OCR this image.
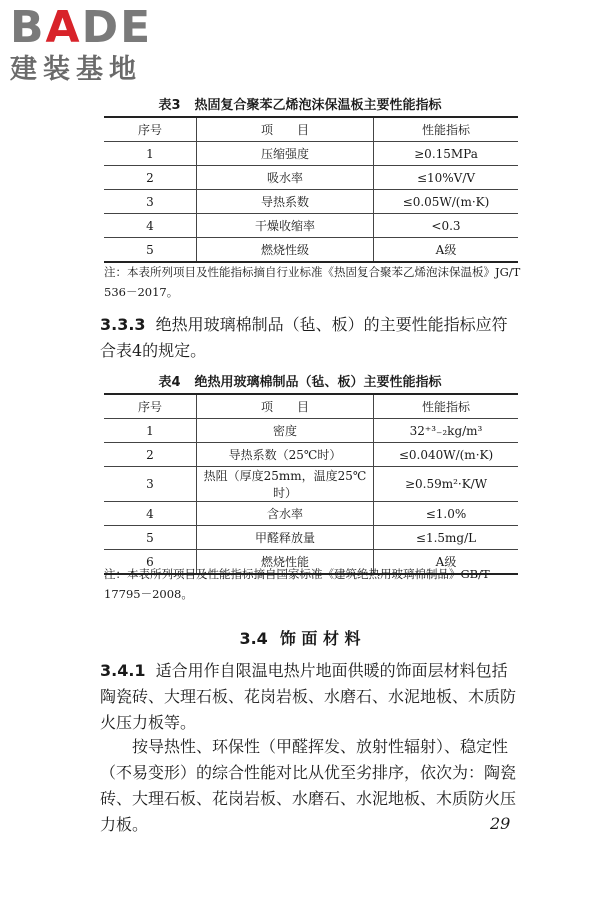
BADE
建装基地
表3 热固复合聚苯乙烯泡沫保温板主要性能指标
序号	项　　目	性能指标
1	压缩强度	≥0.15MPa
2	吸水率	≤10%V/V
3	导热系数	≤0.05W/(m·K)
4	干燥收缩率	<0.3
5	燃烧性级	A级
注：本表所列项目及性能指标摘自行业标准《热固复合聚苯乙烯泡沫保温板》JG/T 536－2017。
3.3.3 绝热用玻璃棉制品（毡、板）的主要性能指标应符合表4的规定。
表4 绝热用玻璃棉制品（毡、板）主要性能指标
序号	项　　目	性能指标
1	密度	32⁺³₋₂kg/m³
2	导热系数（25℃时）	≤0.040W/(m·K)
3	热阻（厚度25mm，温度25℃时）	≥0.59m²·K/W
4	含水率	≤1.0%
5	甲醛释放量	≤1.5mg/L
6	燃烧性能	A级
注：本表所列项目及性能指标摘自国家标准《建筑绝热用玻璃棉制品》GB/T 17795－2008。
3.4 饰 面 材 料
3.4.1 适合用作自限温电热片地面供暖的饰面层材料包括陶瓷砖、大理石板、花岗岩板、水磨石、水泥地板、木质防火压力板等。
按导热性、环保性（甲醛挥发、放射性辐射）、稳定性（不易变形）的综合性能对比从优至劣排序，依次为：陶瓷砖、大理石板、花岗岩板、水磨石、水泥地板、木质防火压力板。	29
